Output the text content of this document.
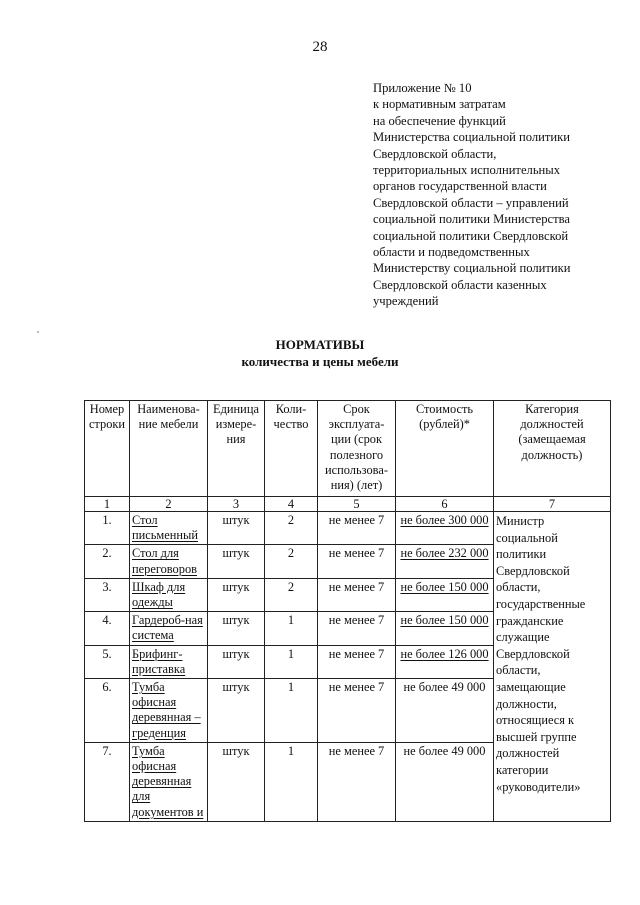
28
Приложение № 10
к нормативным затратам
на обеспечение функций
Министерства социальной политики
Свердловской области,
территориальных исполнительных
органов государственной власти
Свердловской области – управлений
социальной политики Министерства
социальной политики Свердловской
области и подведомственных
Министерству социальной политики
Свердловской области казенных
учреждений
НОРМАТИВЫ
количества и цены мебели
Номер строки	Наименова-ние мебели	Единица измере-ния	Коли-чество	Срок эксплуата-ции (срок полезного использова-ния) (лет)	Стоимость (рублей)*	Категория должностей (замещаемая должность)
1	2	3	4	5	6	7
1.	Стол письменный	штук	2	не менее 7	не более 300 000	Министр социальной политики Свердловской области, государственные гражданские служащие Свердловской области, замещающие должности, относящиеся к высшей группе должностей категории «руководители»
2.	Стол для переговоров	штук	2	не менее 7	не более 232 000	
3.	Шкаф для одежды	штук	2	не менее 7	не более 150 000	
4.	Гардероб-ная система	штук	1	не менее 7	не более 150 000	
5.	Брифинг-приставка	штук	1	не менее 7	не более 126 000	
6.	Тумба офисная деревянная – греденция	штук	1	не менее 7	не более 49 000	
7.	Тумба офисная деревянная для документов и	штук	1	не менее 7	не более 49 000	
